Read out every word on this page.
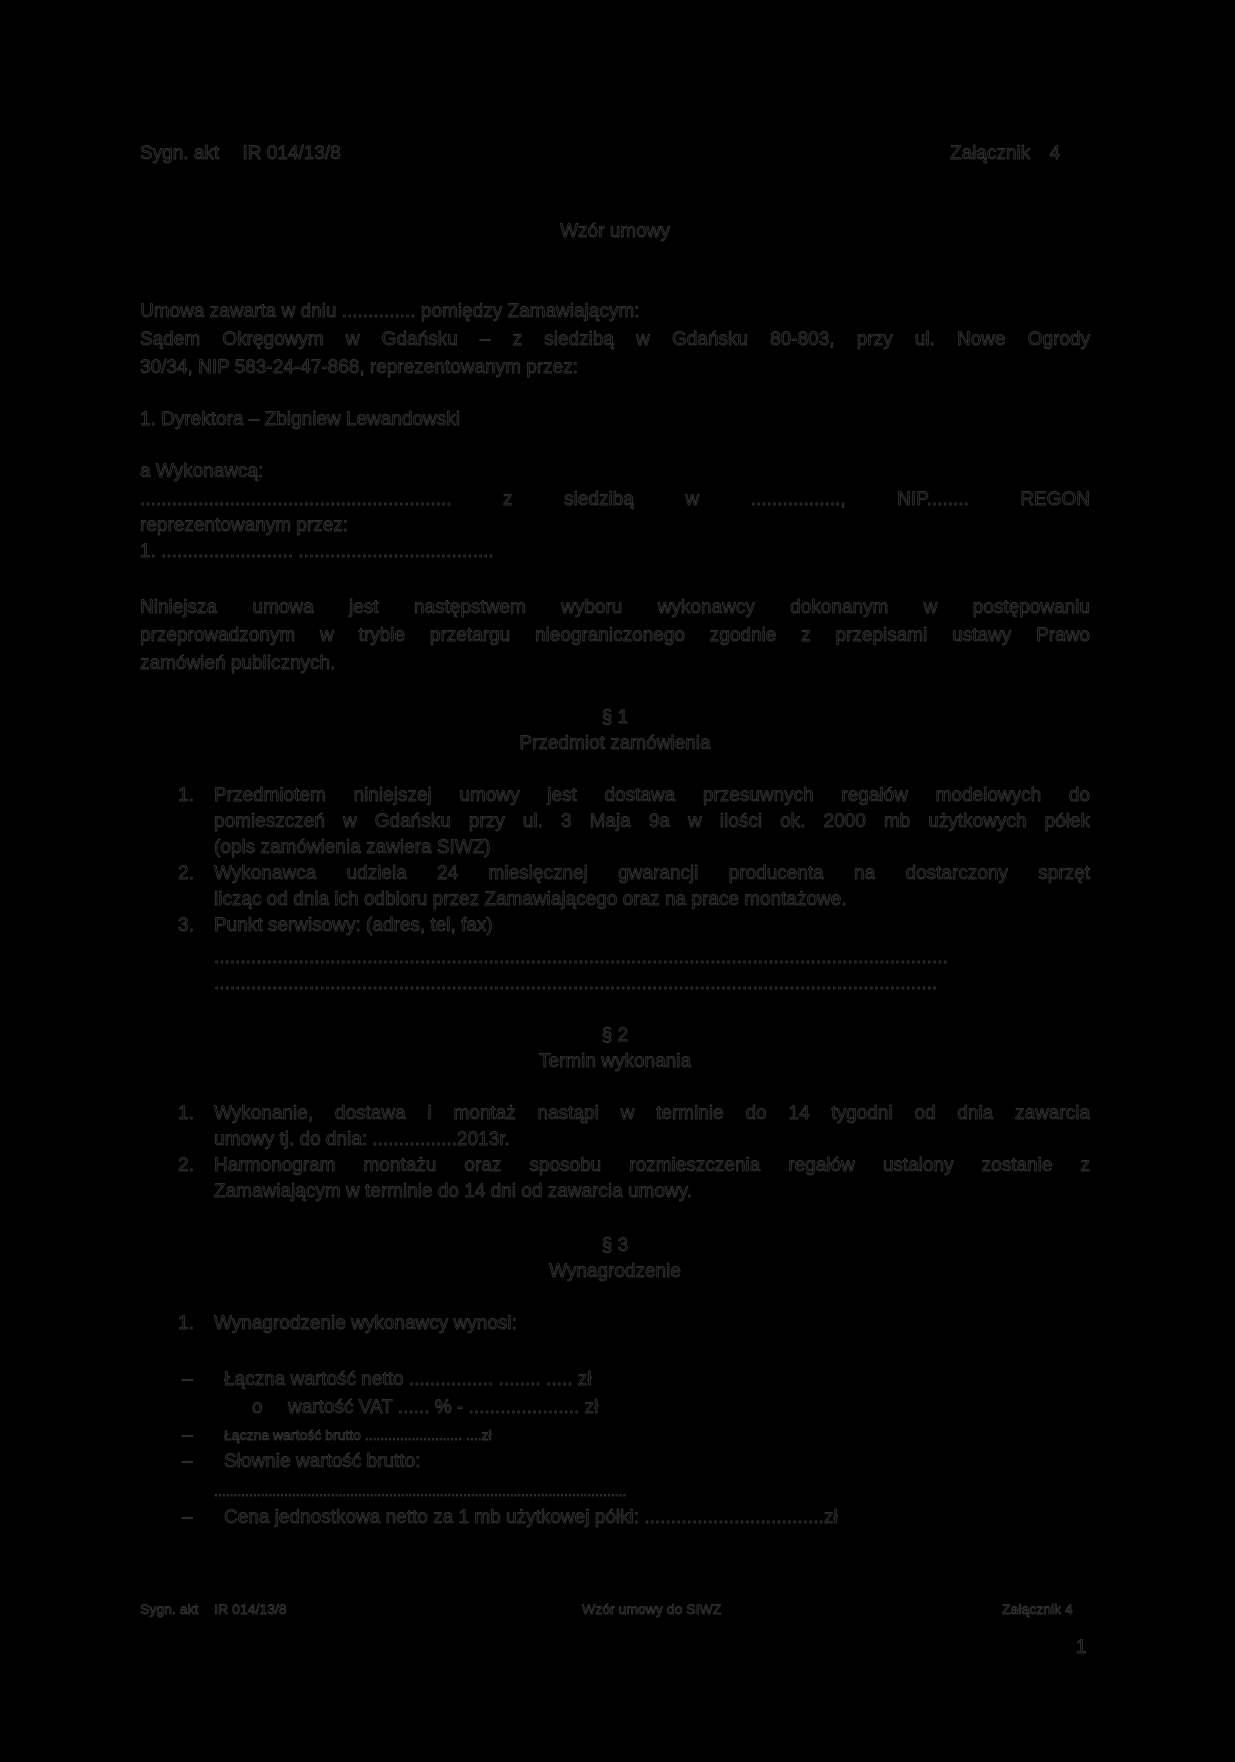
Sygn. akt IR 014/13/8	Załącznik 4
Wzór umowy
Umowa zawarta w dniu .............. pomiędzy Zamawiającym:
Sądem Okręgowym w Gdańsku – z siedzibą w Gdańsku 80-803, przy ul. Nowe Ogrody
30/34, NIP 583-24-47-868, reprezentowanym przez:
1. Dyrektora – Zbigniew Lewandowski
a Wykonawcą:
........................................................... z siedzibą w ................., NIP........ REGON
reprezentowanym przez:
1. ......................... .....................................
Niniejsza umowa jest następstwem wyboru wykonawcy dokonanym w postępowaniu
przeprowadzonym w trybie przetargu nieograniczonego zgodnie z przepisami ustawy Prawo
zamówień publicznych.
§ 1
Przedmiot zamówienia
1. Przedmiotem niniejszej umowy jest dostawa przesuwnych regałów modelowych do
pomieszczeń w Gdańsku przy ul. 3 Maja 9a w ilości ok. 2000 mb użytkowych półek
(opis zamówienia zawiera SIWZ)
2. Wykonawca udziela 24 miesięcznej gwarancji producenta na dostarczony sprzęt
licząc od dnia ich odbioru przez Zamawiającego oraz na prace montażowe.
3. Punkt serwisowy: (adres, tel, fax)
...........................................................................................................................................
.........................................................................................................................................
§ 2
Termin wykonania
1. Wykonanie, dostawa i montaż nastąpi w terminie do 14 tygodni od dnia zawarcia
umowy tj. do dnia: ................2013r.
2. Harmonogram montażu oraz sposobu rozmieszczenia regałów ustalony zostanie z
Zamawiającym w terminie do 14 dni od zawarcia umowy.
§ 3
Wynagrodzenie
1. Wynagrodzenie wykonawcy wynosi:
– Łączna wartość netto ................ ........ ..... zł
o wartość VAT ...... % - ..................... zł
– Łączna wartość brutto ......................... ....zł
– Słownie wartość brutto:
..........................................................................................................
– Cena jednostkowa netto za 1 mb użytkowej półki: ..................................zł
Sygn. akt IR 014/13/8	Wzór umowy do SIWZ	Załącznik 4
1
